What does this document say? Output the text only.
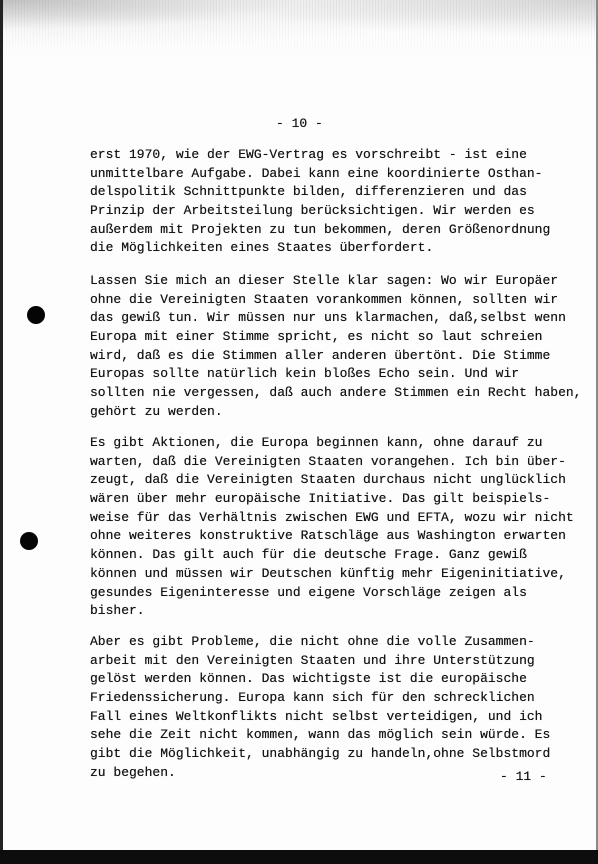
- 10 -
erst 1970, wie der EWG-Vertrag es vorschreibt - ist eine
unmittelbare Aufgabe. Dabei kann eine koordinierte Osthan-
delspolitik Schnittpunkte bilden, differenzieren und das
Prinzip der Arbeitsteilung berücksichtigen. Wir werden es
außerdem mit Projekten zu tun bekommen, deren Größenordnung
die Möglichkeiten eines Staates überfordert.
Lassen Sie mich an dieser Stelle klar sagen: Wo wir Europäer
ohne die Vereinigten Staaten vorankommen können, sollten wir
das gewiß tun. Wir müssen nur uns klarmachen, daß,selbst wenn
Europa mit einer Stimme spricht, es nicht so laut schreien
wird, daß es die Stimmen aller anderen übertönt. Die Stimme
Europas sollte natürlich kein bloßes Echo sein. Und wir
sollten nie vergessen, daß auch andere Stimmen ein Recht haben,
gehört zu werden.
Es gibt Aktionen, die Europa beginnen kann, ohne darauf zu
warten, daß die Vereinigten Staaten vorangehen. Ich bin über-
zeugt, daß die Vereinigten Staaten durchaus nicht unglücklich
wären über mehr europäische Initiative. Das gilt beispiels-
weise für das Verhältnis zwischen EWG und EFTA, wozu wir nicht
ohne weiteres konstruktive Ratschläge aus Washington erwarten
können. Das gilt auch für die deutsche Frage. Ganz gewiß
können und müssen wir Deutschen künftig mehr Eigeninitiative,
gesundes Eigeninteresse und eigene Vorschläge zeigen als
bisher.
Aber es gibt Probleme, die nicht ohne die volle Zusammen-
arbeit mit den Vereinigten Staaten und ihre Unterstützung
gelöst werden können. Das wichtigste ist die europäische
Friedenssicherung. Europa kann sich für den schrecklichen
Fall eines Weltkonflikts nicht selbst verteidigen, und ich
sehe die Zeit nicht kommen, wann das möglich sein würde. Es
gibt die Möglichkeit, unabhängig zu handeln,ohne Selbstmord
zu begehen.	- 11 -
